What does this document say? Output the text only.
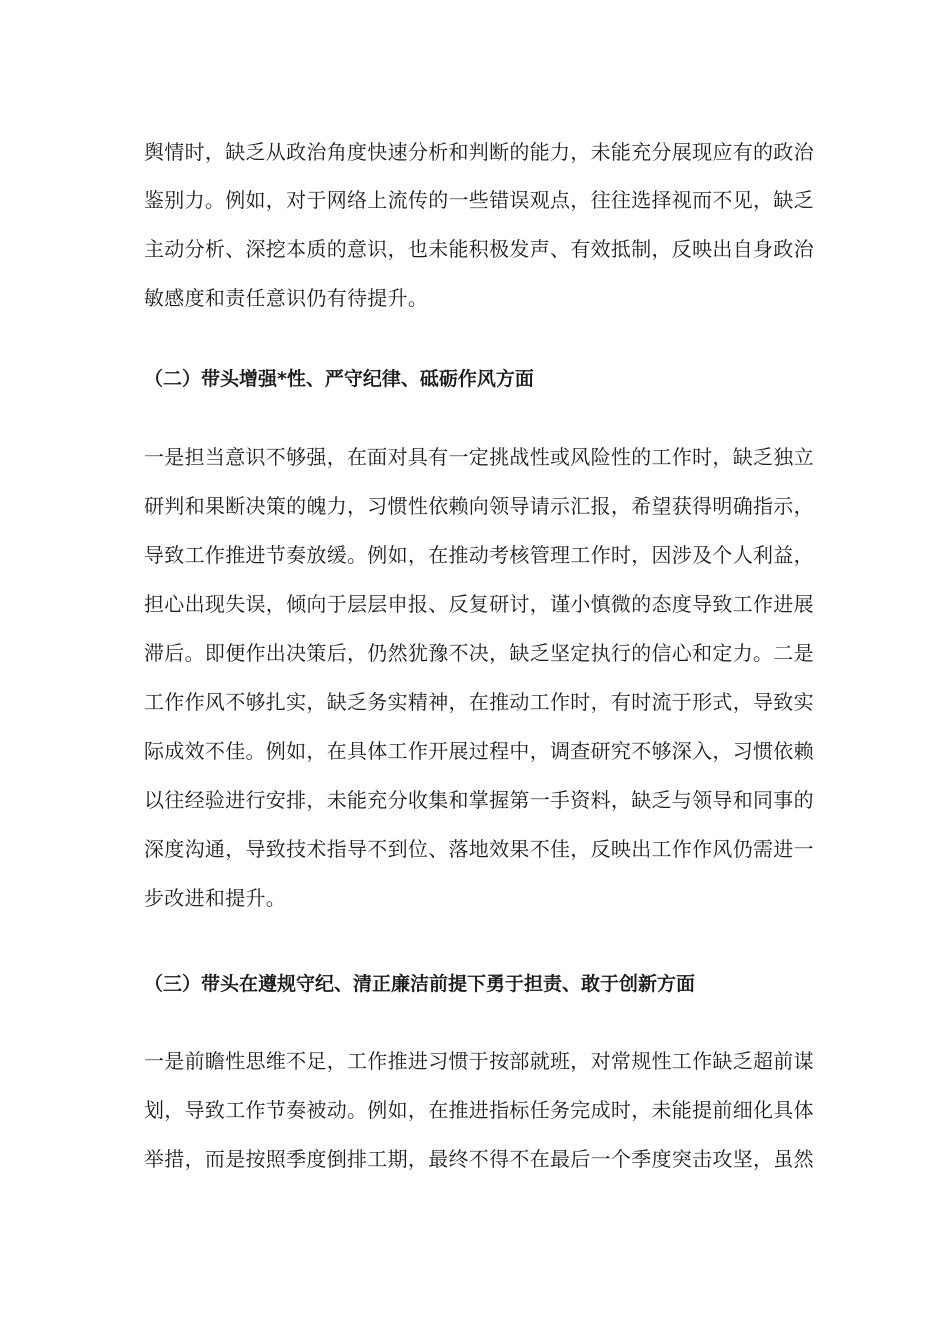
舆情时，缺乏从政治角度快速分析和判断的能力，未能充分展现应有的政治
鉴别力。例如，对于网络上流传的一些错误观点，往往选择视而不见，缺乏
主动分析、深挖本质的意识，也未能积极发声、有效抵制，反映出自身政治
敏感度和责任意识仍有待提升。
（二）带头增强*性、严守纪律、砥砺作风方面
一是担当意识不够强，在面对具有一定挑战性或风险性的工作时，缺乏独立
研判和果断决策的魄力，习惯性依赖向领导请示汇报，希望获得明确指示，
导致工作推进节奏放缓。例如，在推动考核管理工作时，因涉及个人利益，
担心出现失误，倾向于层层申报、反复研讨，谨小慎微的态度导致工作进展
滞后。即便作出决策后，仍然犹豫不决，缺乏坚定执行的信心和定力。二是
工作作风不够扎实，缺乏务实精神，在推动工作时，有时流于形式，导致实
际成效不佳。例如，在具体工作开展过程中，调查研究不够深入，习惯依赖
以往经验进行安排，未能充分收集和掌握第一手资料，缺乏与领导和同事的
深度沟通，导致技术指导不到位、落地效果不佳，反映出工作作风仍需进一
步改进和提升。
（三）带头在遵规守纪、清正廉洁前提下勇于担责、敢于创新方面
一是前瞻性思维不足，工作推进习惯于按部就班，对常规性工作缺乏超前谋
划，导致工作节奏被动。例如，在推进指标任务完成时，未能提前细化具体
举措，而是按照季度倒排工期，最终不得不在最后一个季度突击攻坚，虽然
